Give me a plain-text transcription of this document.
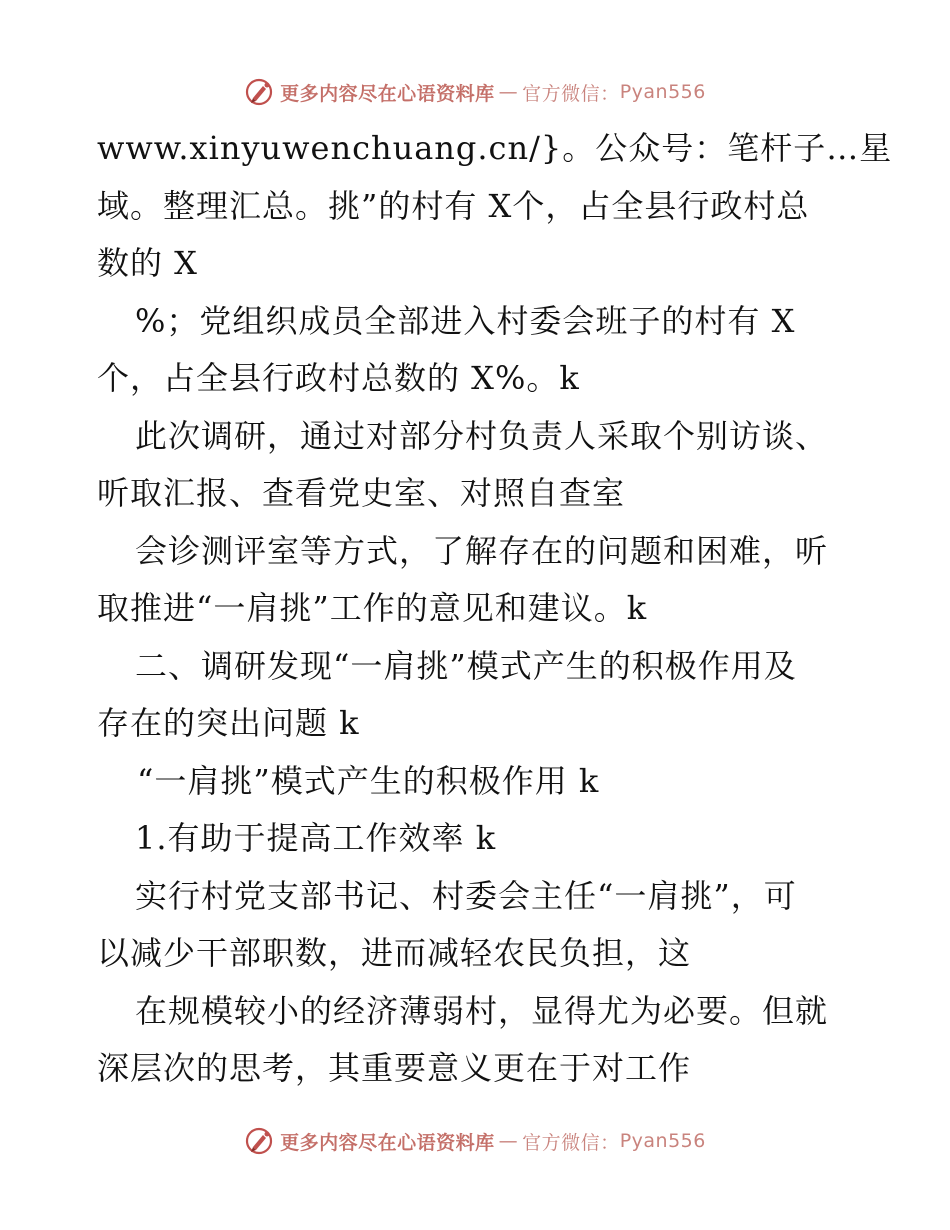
更多内容尽在心语资料库 — 官方微信： Pyan556
www.xinyuwenchuang.cn/}。公众号：笔杆子…星
域。整理汇总。挑”的村有 X个，占全县行政村总
数的 X
%；党组织成员全部进入村委会班子的村有 X
个，占全县行政村总数的 X%。k
此次调研，通过对部分村负责人采取个别访谈、
听取汇报、查看党史室、对照自查室
会诊测评室等方式，了解存在的问题和困难，听
取推进“一肩挑”工作的意见和建议。k
二、调研发现“一肩挑”模式产生的积极作用及
存在的突出问题 k
“一肩挑”模式产生的积极作用 k
1.有助于提高工作效率 k
实行村党支部书记、村委会主任“一肩挑”，可
以减少干部职数，进而减轻农民负担，这
在规模较小的经济薄弱村，显得尤为必要。但就
深层次的思考，其重要意义更在于对工作
更多内容尽在心语资料库 — 官方微信： Pyan556
